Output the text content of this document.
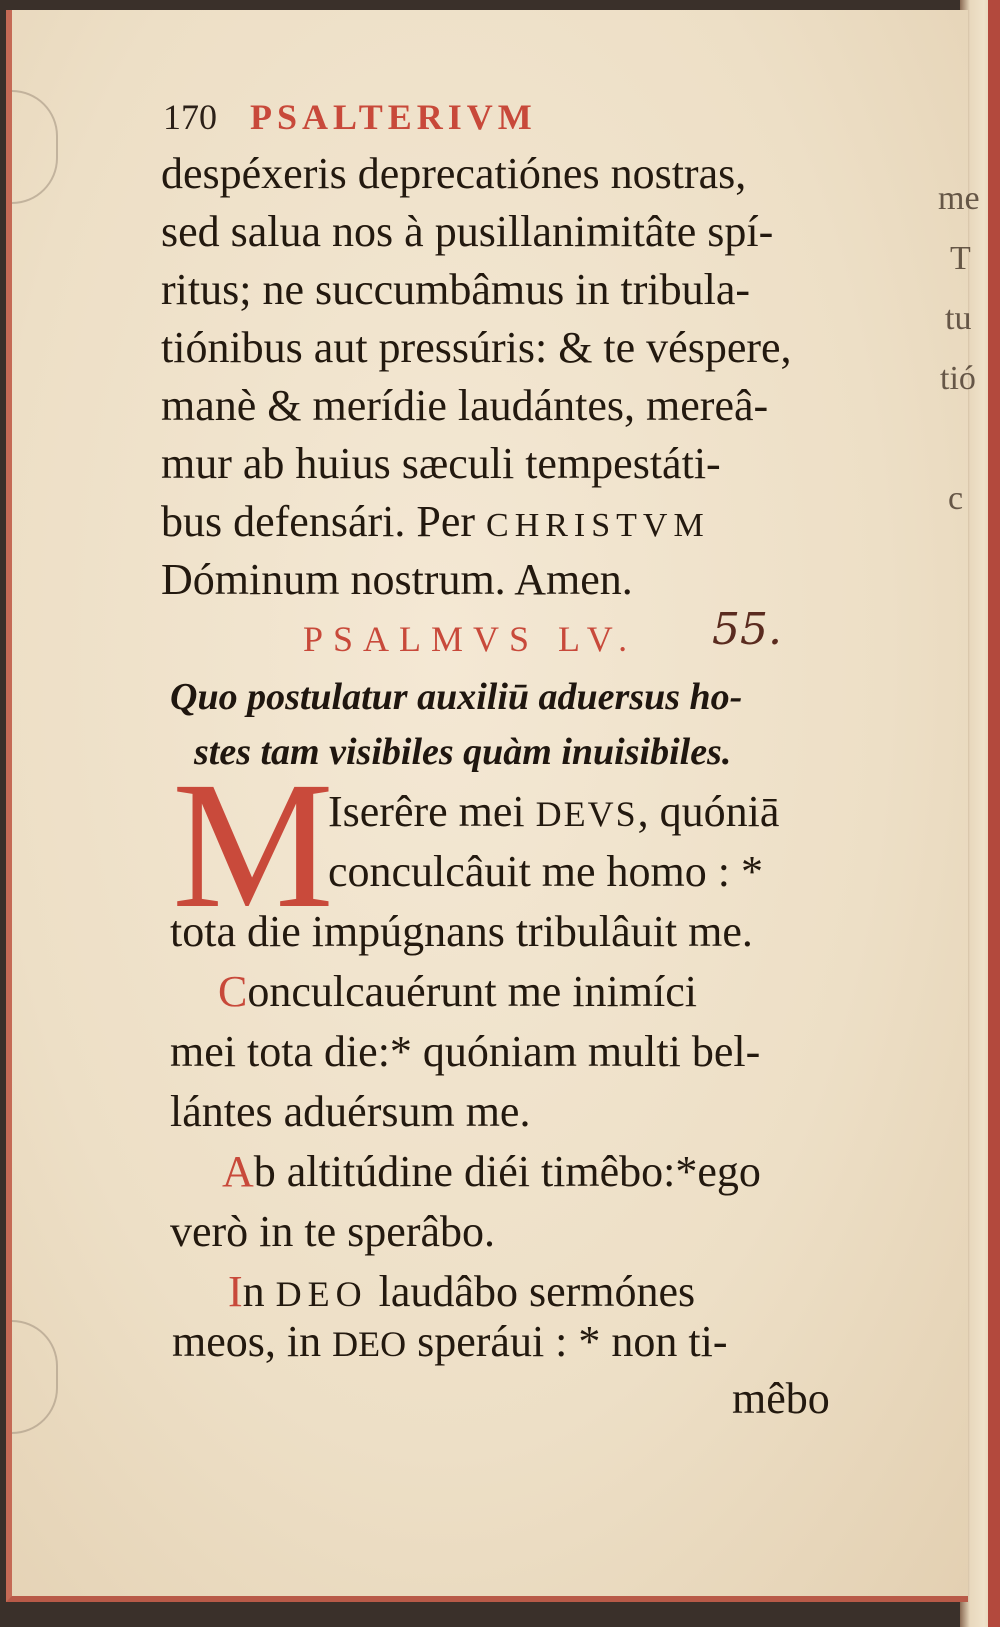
170 PSALTERIVM
despéxeris deprecatiónes nostras,
sed salua nos à pusillanimitâte spí-
ritus; ne succumbâmus in tribula-
tiónibus aut pressúris: & te véspere,
manè & merídie laudántes, mereâ-
mur ab huius sæculi tempestáti-
bus defensári. Per CHRISTVM
Dóminum nostrum. Amen.
PSALMVS LV. 55.
Quo postulatur auxiliū aduersus ho-
stes tam visibiles quàm inuisibiles.
M
Iserêre mei DEVS, quóniā
conculcâuit me homo : *
tota die impúgnans tribulâuit me.
Conculcauérunt me inimíci
mei tota die:* quóniam multi bel-
lántes aduérsum me.
Ab altitúdine diéi timêbo:*ego
verò in te sperâbo.
In DEO laudâbo sermónes
meos, in DEO speráui : * non ti-
mêbo
me
T
tu
tió
c
